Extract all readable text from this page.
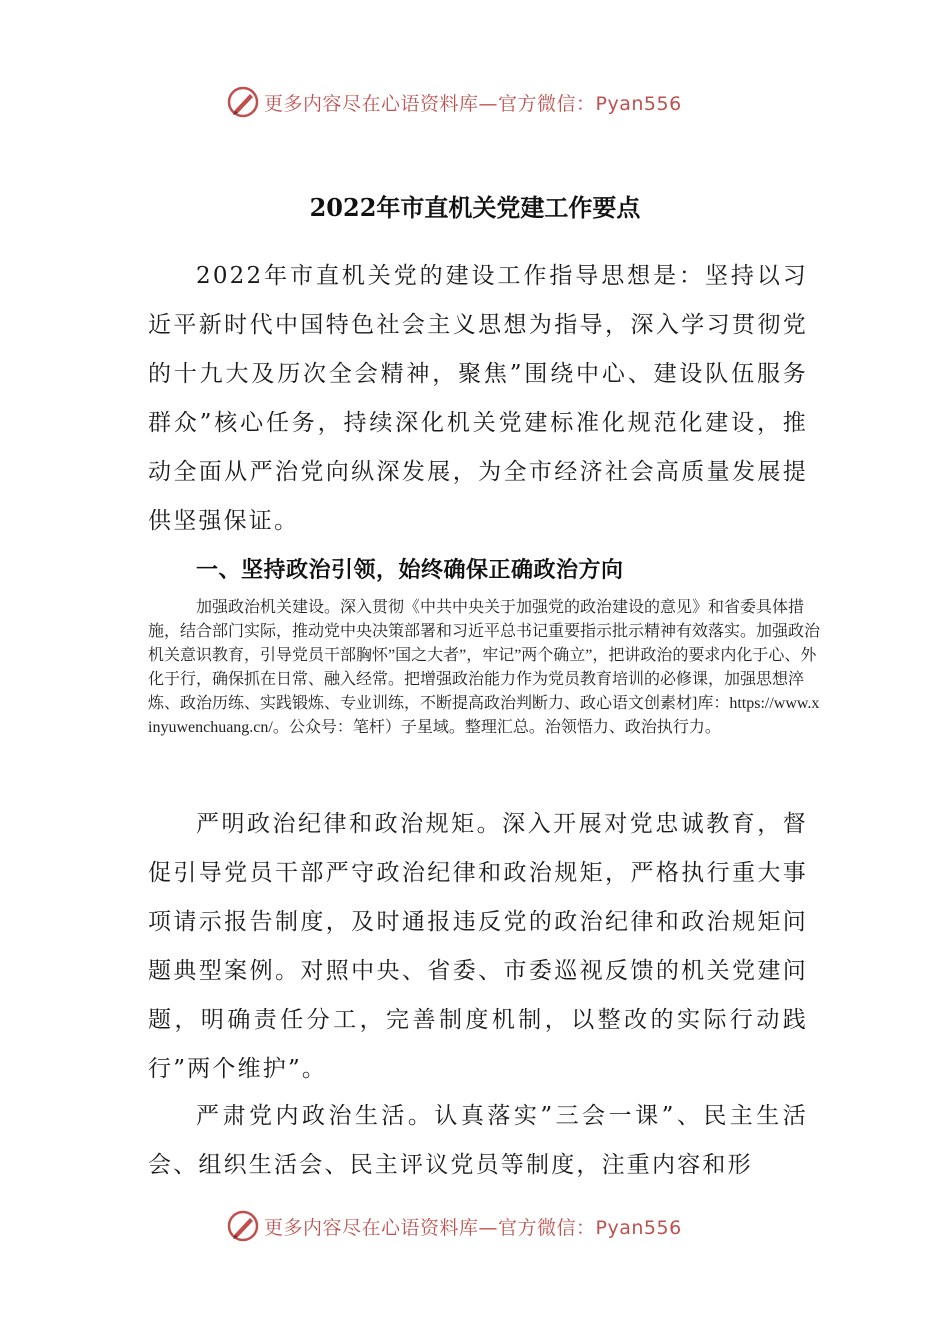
更多内容尽在心语资料库—官方微信：Pyan556
2022年市直机关党建工作要点

2022年市直机关党的建设工作指导思想是：坚持以习近平新时代中国特色社会主义思想为指导，深入学习贯彻党的十九大及历次全会精神，聚焦”围绕中心、建设队伍服务群众”核心任务，持续深化机关党建标准化规范化建设，推动全面从严治党向纵深发展，为全市经济社会高质量发展提供坚强保证。

一、坚持政治引领，始终确保正确政治方向

加强政治机关建设。深入贯彻《中共中央关于加强党的政治建设的意见》和省委具体措施，结合部门实际，推动党中央决策部署和习近平总书记重要指示批示精神有效落实。加强政治机关意识教育，引导党员干部胸怀”国之大者”，牢记”两个确立”，把讲政治的要求内化于心、外化于行，确保抓在日常、融入经常。把增强政治能力作为党员教育培训的必修课，加强思想淬炼、政治历练、实践锻炼、专业训练，不断提高政治判断力、政心语文创素材]库：https://www.xinyuwenchuang.cn/。公众号：笔杆）子星域。整理汇总。治领悟力、政治执行力。

严明政治纪律和政治规矩。深入开展对党忠诚教育，督促引导党员干部严守政治纪律和政治规矩，严格执行重大事项请示报告制度，及时通报违反党的政治纪律和政治规矩问题典型案例。对照中央、省委、市委巡视反馈的机关党建问题，明确责任分工，完善制度机制，以整改的实际行动践行”两个维护”。

严肃党内政治生活。认真落实”三会一课”、民主生活会、组织生活会、民主评议党员等制度，注重内容和形

更多内容尽在心语资料库—官方微信：Pyan556
